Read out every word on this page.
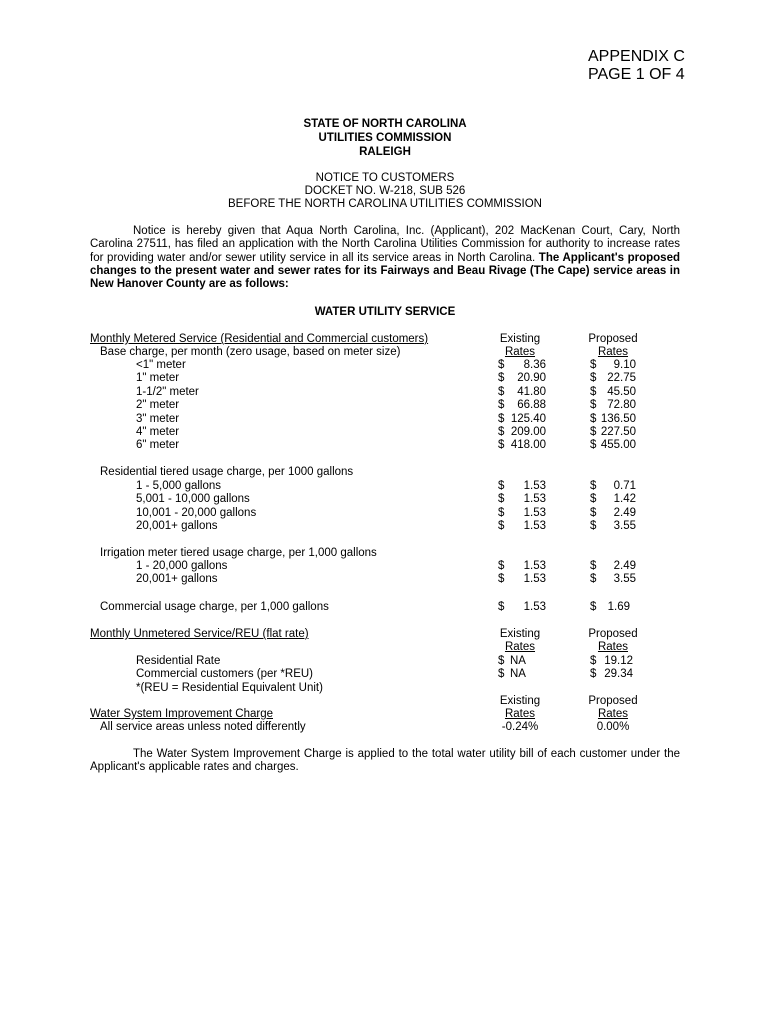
APPENDIX C
PAGE 1 OF 4
STATE OF NORTH CAROLINA
UTILITIES COMMISSION
RALEIGH
NOTICE TO CUSTOMERS
DOCKET NO. W-218, SUB 526
BEFORE THE NORTH CAROLINA UTILITIES COMMISSION
Notice is hereby given that Aqua North Carolina, Inc. (Applicant), 202 MacKenan Court, Cary, North Carolina 27511, has filed an application with the North Carolina Utilities Commission for authority to increase rates for providing water and/or sewer utility service in all its service areas in North Carolina. The Applicant's proposed changes to the present water and sewer rates for its Fairways and Beau Rivage (The Cape) service areas in New Hanover County are as follows:
WATER UTILITY SERVICE
Monthly Metered Service (Residential and Commercial customers)	Existing	Proposed
Rates	Rates
Base charge, per month (zero usage, based on meter size)
<1" meter	$	8.36	$	9.10
1" meter	$	20.90	$ 22.75
1-1/2" meter	$	41.80	$ 45.50
2" meter	$	66.88	$ 72.80
3" meter	$ 125.40	$ 136.50
4" meter	$ 209.00	$ 227.50
6" meter	$ 418.00	$ 455.00
Residential tiered usage charge, per 1000 gallons
1 - 5,000 gallons	$	1.53	$	0.71
5,001 - 10,000 gallons	$	1.53	$	1.42
10,001 - 20,000 gallons	$	1.53	$	2.49
20,001+ gallons	$	1.53	$	3.55
Irrigation meter tiered usage charge, per 1,000 gallons
1 - 20,000 gallons	$	1.53	$	2.49
20,001+ gallons	$	1.53	$	3.55
Commercial usage charge, per 1,000 gallons	$	1.53	$ 1.69
Monthly Unmetered Service/REU (flat rate)	Existing	Proposed
Rates	Rates
Residential Rate	$ NA	$ 19.12
Commercial customers (per *REU)	$ NA	$ 29.34
*(REU = Residential Equivalent Unit)
Existing	Proposed
Water System Improvement Charge	Rates	Rates
All service areas unless noted differently	-0.24%	0.00%
The Water System Improvement Charge is applied to the total water utility bill of each customer under the Applicant's applicable rates and charges.
